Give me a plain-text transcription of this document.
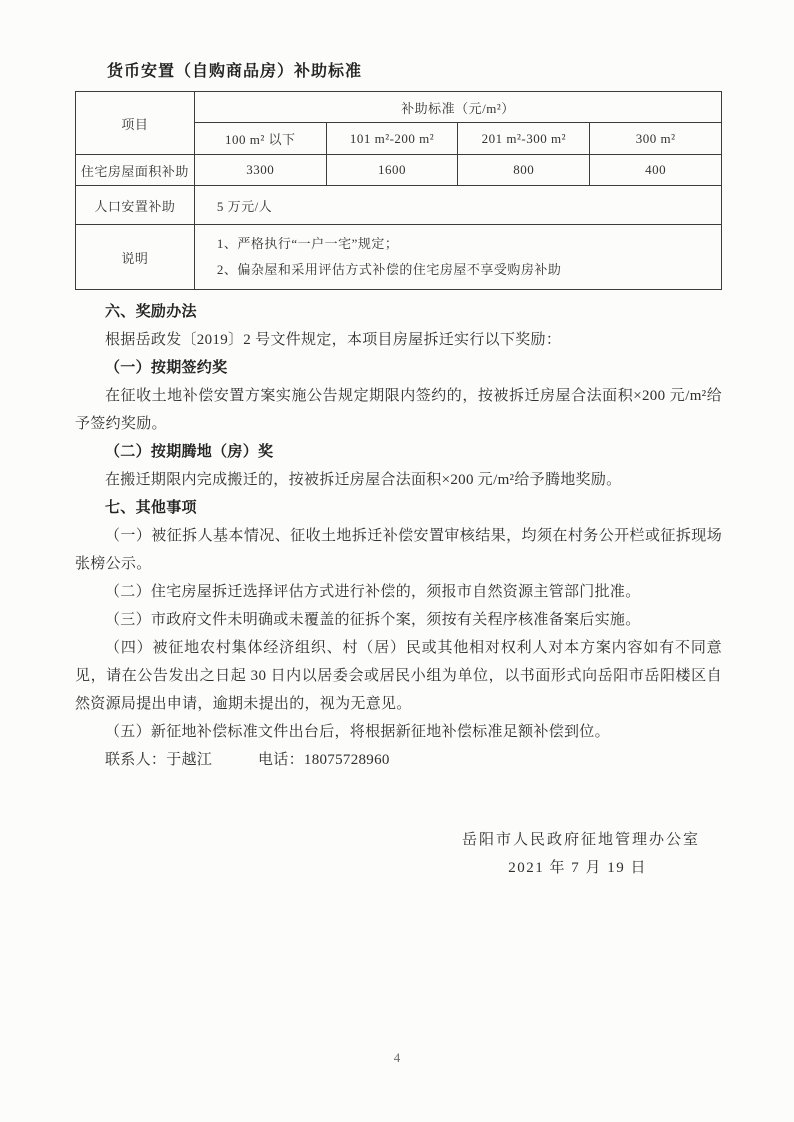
货币安置（自购商品房）补助标准
项目	补助标准（元/m²）			
	100 m² 以下	101 m²-200 m²	201 m²-300 m²	300 m²
住宅房屋面积补助	3300	1600	800	400
人口安置补助	5 万元/人			
说明	1、严格执行“一户一宅”规定；

2、偏杂屋和采用评估方式补偿的住宅房屋不享受购房补助			

六、奖励办法

根据岳政发〔2019〕2 号文件规定，本项目房屋拆迁实行以下奖励：

（一）按期签约奖

在征收土地补偿安置方案实施公告规定期限内签约的，按被拆迁房屋合法面积×200 元/m²给予签约奖励。

（二）按期腾地（房）奖

在搬迁期限内完成搬迁的，按被拆迁房屋合法面积×200 元/m²给予腾地奖励。

七、其他事项

（一）被征拆人基本情况、征收土地拆迁补偿安置审核结果，均须在村务公开栏或征拆现场张榜公示。

（二）住宅房屋拆迁选择评估方式进行补偿的，须报市自然资源主管部门批准。

（三）市政府文件未明确或未覆盖的征拆个案，须按有关程序核准备案后实施。

（四）被征地农村集体经济组织、村（居）民或其他相对权利人对本方案内容如有不同意见，请在公告发出之日起 30 日内以居委会或居民小组为单位，以书面形式向岳阳市岳阳楼区自然资源局提出申请，逾期未提出的，视为无意见。

（五）新征地补偿标准文件出台后，将根据新征地补偿标准足额补偿到位。

联系人：于越江　　　电话：18075728960

岳阳市人民政府征地管理办公室

2021 年 7 月 19 日

4
